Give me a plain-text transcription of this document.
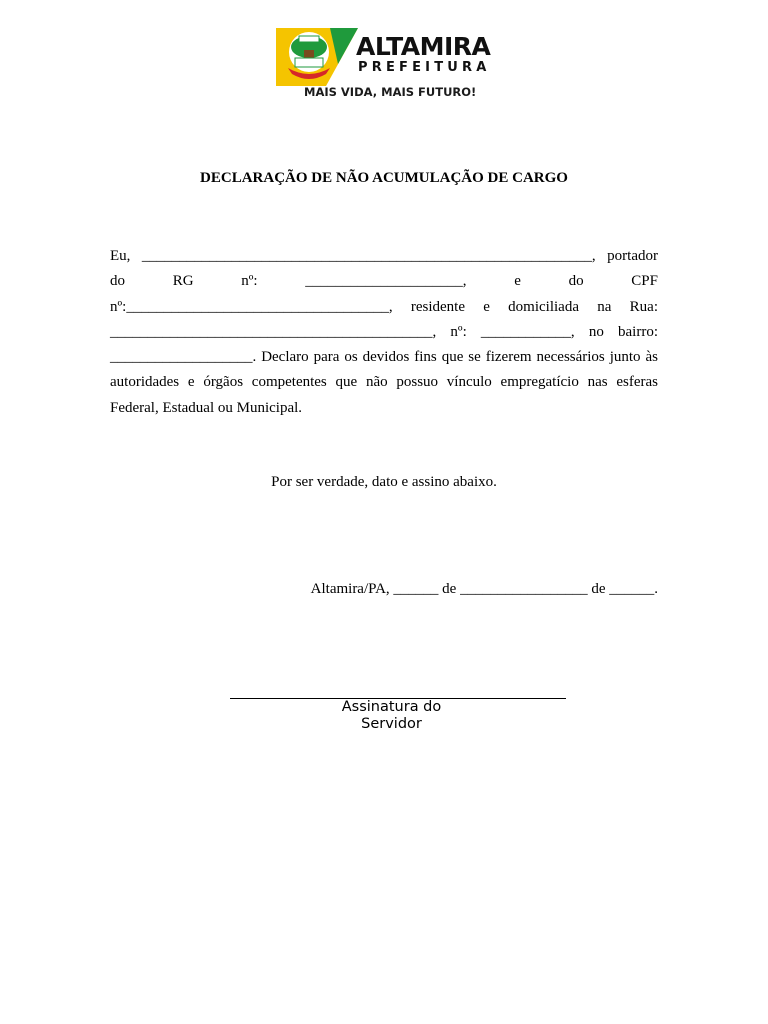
ALTAMIRA
PREFEITURA
MAIS VIDA, MAIS FUTURO!
DECLARAÇÃO DE NÃO ACUMULAÇÃO DE CARGO

Eu, ____________________________________________________________, portador do RG nº: _____________________, e do CPF nº:___________________________________, residente e domiciliada na Rua: ___________________________________________, nº: ____________, no bairro: ___________________. Declaro para os devidos fins que se fizerem necessários junto às autoridades e órgãos competentes que não possuo vínculo empregatício nas esferas Federal, Estadual ou Municipal.

Por ser verdade, dato e assino abaixo.
Altamira/PA, ______ de _________________ de ______.
Assinatura do
Servidor
